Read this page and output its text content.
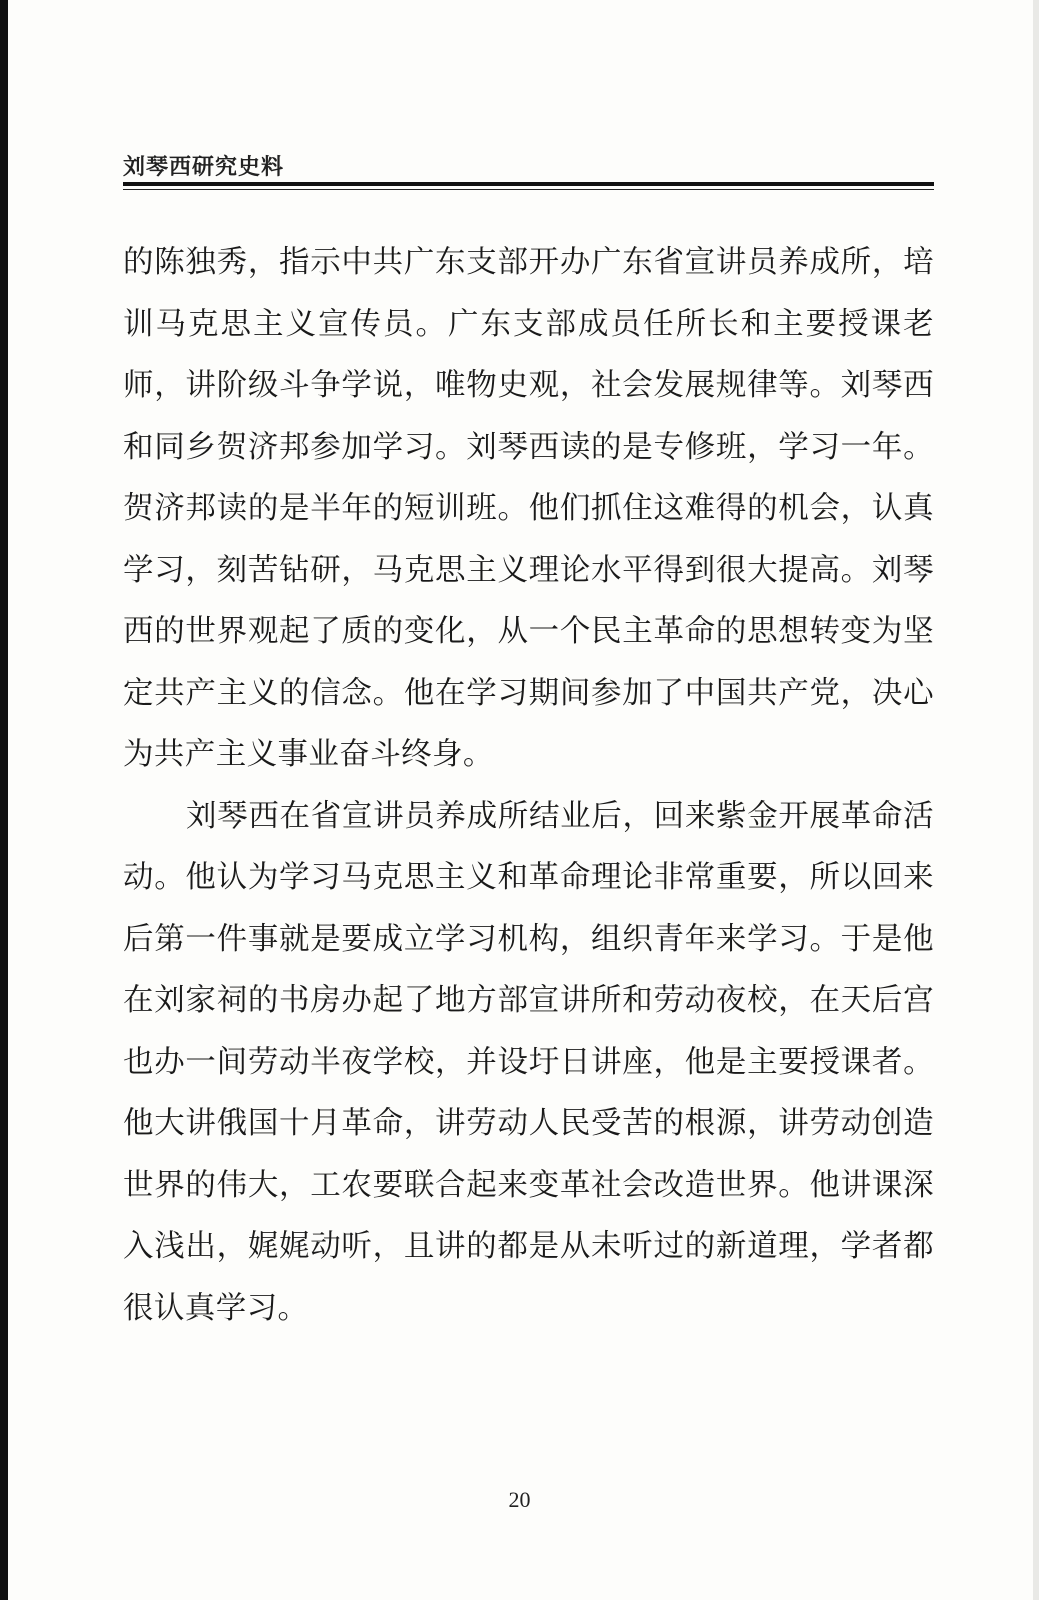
刘琴西研究史料

的陈独秀，指示中共广东支部开办广东省宣讲员养成所，培训马克思主义宣传员。广东支部成员任所长和主要授课老师，讲阶级斗争学说，唯物史观，社会发展规律等。刘琴西和同乡贺济邦参加学习。刘琴西读的是专修班，学习一年。贺济邦读的是半年的短训班。他们抓住这难得的机会，认真学习，刻苦钻研，马克思主义理论水平得到很大提高。刘琴西的世界观起了质的变化，从一个民主革命的思想转变为坚定共产主义的信念。他在学习期间参加了中国共产党，决心为共产主义事业奋斗终身。

刘琴西在省宣讲员养成所结业后，回来紫金开展革命活动。他认为学习马克思主义和革命理论非常重要，所以回来后第一件事就是要成立学习机构，组织青年来学习。于是他在刘家祠的书房办起了地方部宣讲所和劳动夜校，在天后宫也办一间劳动半夜学校，并设圩日讲座，他是主要授课者。他大讲俄国十月革命，讲劳动人民受苦的根源，讲劳动创造世界的伟大，工农要联合起来变革社会改造世界。他讲课深入浅出，娓娓动听，且讲的都是从未听过的新道理，学者都很认真学习。

20
